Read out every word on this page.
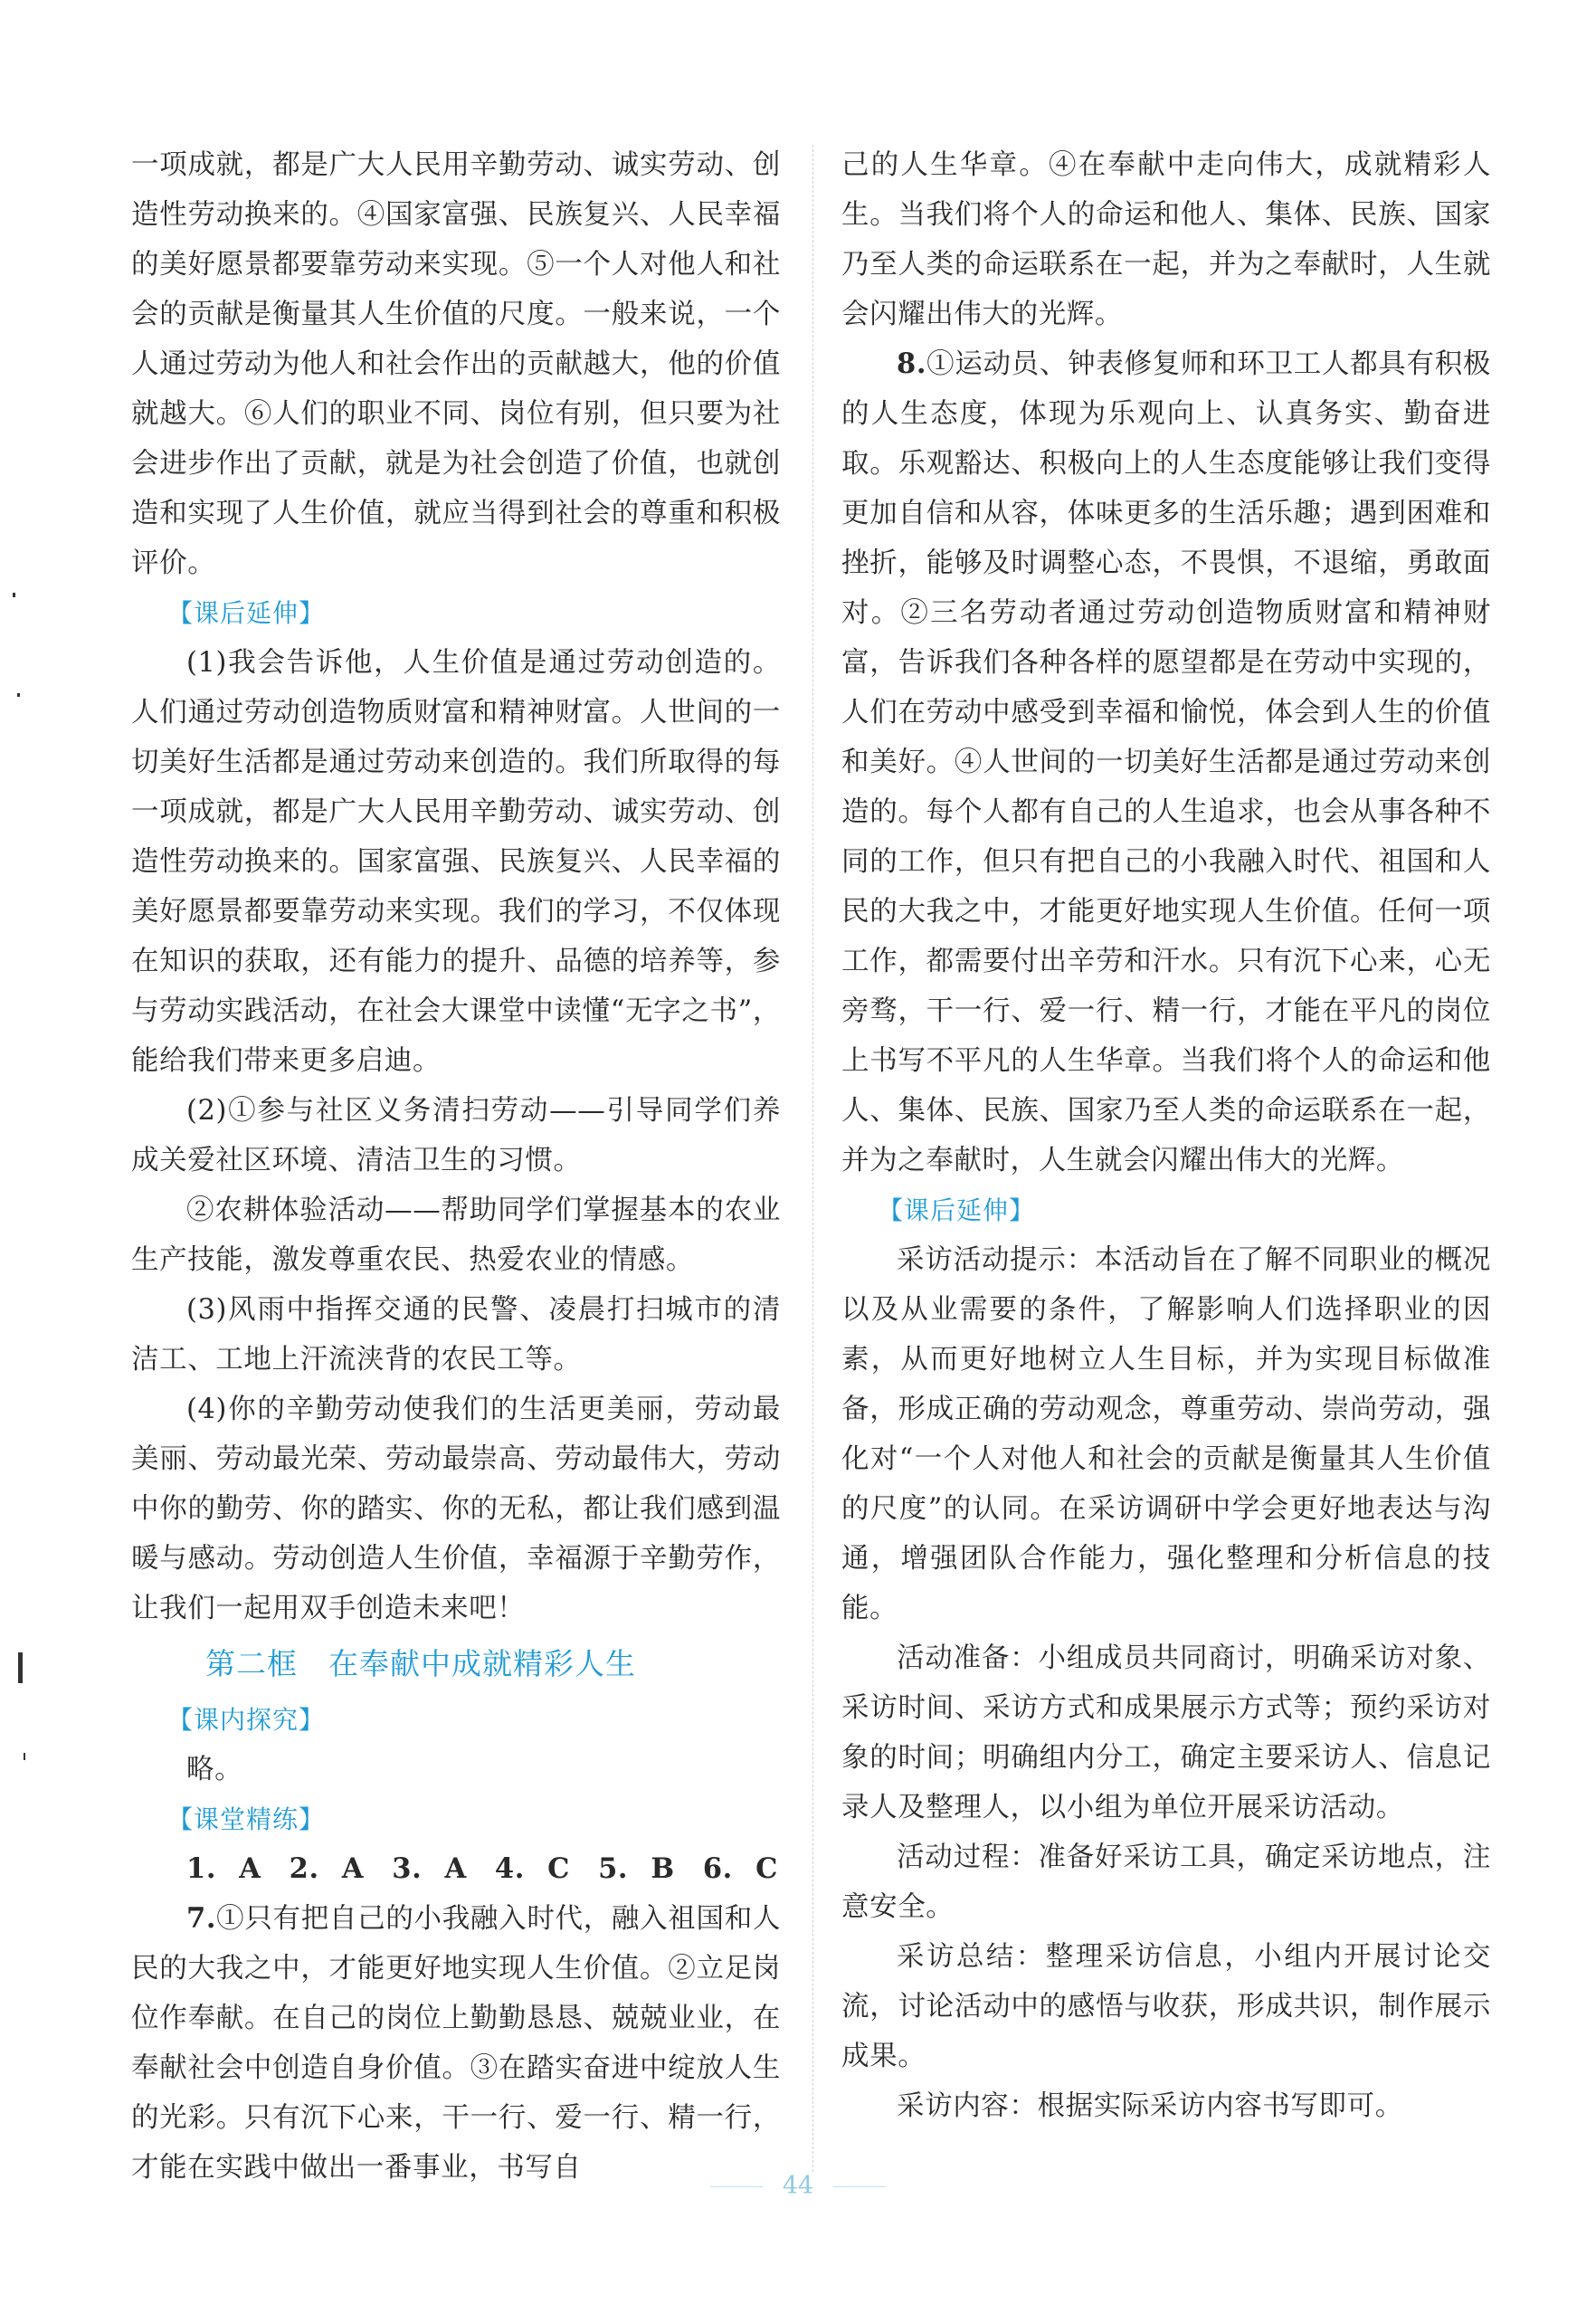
一项成就，都是广大人民用辛勤劳动、诚实劳动、创造性劳动换来的。④国家富强、民族复兴、人民幸福的美好愿景都要靠劳动来实现。⑤一个人对他人和社会的贡献是衡量其人生价值的尺度。一般来说，一个人通过劳动为他人和社会作出的贡献越大，他的价值就越大。⑥人们的职业不同、岗位有别，但只要为社会进步作出了贡献，就是为社会创造了价值，也就创造和实现了人生价值，就应当得到社会的尊重和积极评价。

【课后延伸】

(1)我会告诉他，人生价值是通过劳动创造的。人们通过劳动创造物质财富和精神财富。人世间的一切美好生活都是通过劳动来创造的。我们所取得的每一项成就，都是广大人民用辛勤劳动、诚实劳动、创造性劳动换来的。国家富强、民族复兴、人民幸福的美好愿景都要靠劳动来实现。我们的学习，不仅体现在知识的获取，还有能力的提升、品德的培养等，参与劳动实践活动，在社会大课堂中读懂“无字之书”，能给我们带来更多启迪。

(2)①参与社区义务清扫劳动——引导同学们养成关爱社区环境、清洁卫生的习惯。

②农耕体验活动——帮助同学们掌握基本的农业生产技能，激发尊重农民、热爱农业的情感。

(3)风雨中指挥交通的民警、凌晨打扫城市的清洁工、工地上汗流浃背的农民工等。

(4)你的辛勤劳动使我们的生活更美丽，劳动最美丽、劳动最光荣、劳动最崇高、劳动最伟大，劳动中你的勤劳、你的踏实、你的无私，都让我们感到温暖与感动。劳动创造人生价值，幸福源于辛勤劳作，让我们一起用双手创造未来吧！

第二框　在奉献中成就精彩人生
【课内探究】

略。

【课堂精练】

1. A　2. A　3. A　4. C　5. B　6. C

7.①只有把自己的小我融入时代，融入祖国和人民的大我之中，才能更好地实现人生价值。②立足岗位作奉献。在自己的岗位上勤勤恳恳、兢兢业业，在奉献社会中创造自身价值。③在踏实奋进中绽放人生的光彩。只有沉下心来，干一行、爱一行、精一行，才能在实践中做出一番事业，书写自

己的人生华章。④在奉献中走向伟大，成就精彩人生。当我们将个人的命运和他人、集体、民族、国家乃至人类的命运联系在一起，并为之奉献时，人生就会闪耀出伟大的光辉。

8.①运动员、钟表修复师和环卫工人都具有积极的人生态度，体现为乐观向上、认真务实、勤奋进取。乐观豁达、积极向上的人生态度能够让我们变得更加自信和从容，体味更多的生活乐趣；遇到困难和挫折，能够及时调整心态，不畏惧，不退缩，勇敢面对。②三名劳动者通过劳动创造物质财富和精神财富，告诉我们各种各样的愿望都是在劳动中实现的，人们在劳动中感受到幸福和愉悦，体会到人生的价值和美好。④人世间的一切美好生活都是通过劳动来创造的。每个人都有自己的人生追求，也会从事各种不同的工作，但只有把自己的小我融入时代、祖国和人民的大我之中，才能更好地实现人生价值。任何一项工作，都需要付出辛劳和汗水。只有沉下心来，心无旁骛，干一行、爱一行、精一行，才能在平凡的岗位上书写不平凡的人生华章。当我们将个人的命运和他人、集体、民族、国家乃至人类的命运联系在一起，并为之奉献时，人生就会闪耀出伟大的光辉。

【课后延伸】

采访活动提示：本活动旨在了解不同职业的概况以及从业需要的条件，了解影响人们选择职业的因素，从而更好地树立人生目标，并为实现目标做准备，形成正确的劳动观念，尊重劳动、崇尚劳动，强化对“一个人对他人和社会的贡献是衡量其人生价值的尺度”的认同。在采访调研中学会更好地表达与沟通，增强团队合作能力，强化整理和分析信息的技能。

活动准备：小组成员共同商讨，明确采访对象、采访时间、采访方式和成果展示方式等；预约采访对象的时间；明确组内分工，确定主要采访人、信息记录人及整理人，以小组为单位开展采访活动。

活动过程：准备好采访工具，确定采访地点，注意安全。

采访总结：整理采访信息，小组内开展讨论交流，讨论活动中的感悟与收获，形成共识，制作展示成果。

采访内容：根据实际采访内容书写即可。

44
